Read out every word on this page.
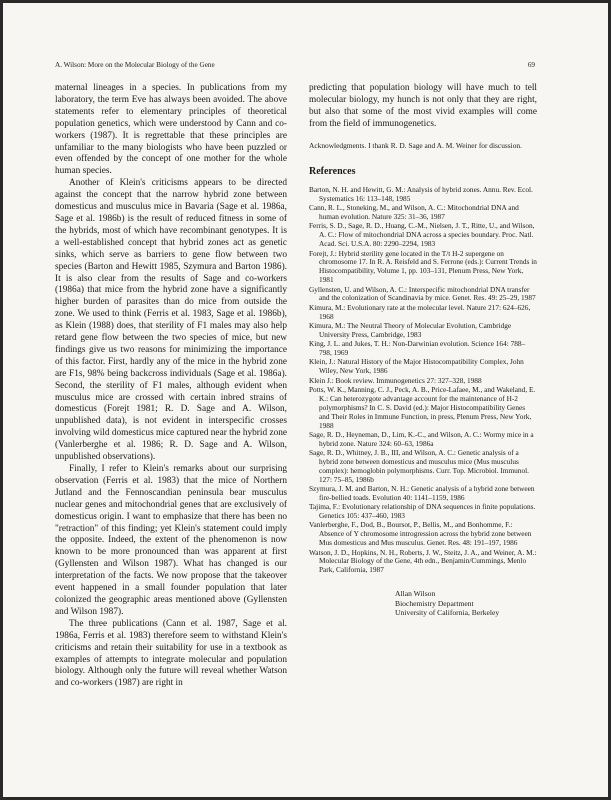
A. Wilson: More on the Molecular Biology of the Gene	69

maternal lineages in a species. In publications from my laboratory, the term Eve has always been avoided. The above statements refer to elementary principles of theoretical population genetics, which were understood by Cann and co-workers (1987). It is regrettable that these principles are unfamiliar to the many biologists who have been puzzled or even offended by the concept of one mother for the whole human species.

Another of Klein's criticisms appears to be directed against the concept that the narrow hybrid zone between domesticus and musculus mice in Bavaria (Sage et al. 1986a, Sage et al. 1986b) is the result of reduced fitness in some of the hybrids, most of which have recombinant genotypes. It is a well-established concept that hybrid zones act as genetic sinks, which serve as barriers to gene flow between two species (Barton and Hewitt 1985, Szymura and Barton 1986). It is also clear from the results of Sage and co-workers (1986a) that mice from the hybrid zone have a significantly higher burden of parasites than do mice from outside the zone. We used to think (Ferris et al. 1983, Sage et al. 1986b), as Klein (1988) does, that sterility of F1 males may also help retard gene flow between the two species of mice, but new findings give us two reasons for minimizing the importance of this factor. First, hardly any of the mice in the hybrid zone are F1s, 98% being backcross individuals (Sage et al. 1986a). Second, the sterility of F1 males, although evident when musculus mice are crossed with certain inbred strains of domesticus (Forejt 1981; R. D. Sage and A. Wilson, unpublished data), is not evident in interspecific crosses involving wild domesticus mice captured near the hybrid zone (Vanlerberghe et al. 1986; R. D. Sage and A. Wilson, unpublished observations).

Finally, I refer to Klein's remarks about our surprising observation (Ferris et al. 1983) that the mice of Northern Jutland and the Fennoscandian peninsula bear musculus nuclear genes and mitochondrial genes that are exclusively of domesticus origin. I want to emphasize that there has been no "retraction" of this finding; yet Klein's statement could imply the opposite. Indeed, the extent of the phenomenon is now known to be more pronounced than was apparent at first (Gyllensten and Wilson 1987). What has changed is our interpretation of the facts. We now propose that the takeover event happened in a small founder population that later colonized the geographic areas mentioned above (Gyllensten and Wilson 1987).

The three publications (Cann et al. 1987, Sage et al. 1986a, Ferris et al. 1983) therefore seem to withstand Klein's criticisms and retain their suitability for use in a textbook as examples of attempts to integrate molecular and population biology. Although only the future will reveal whether Watson and co-workers (1987) are right in

predicting that population biology will have much to tell molecular biology, my hunch is not only that they are right, but also that some of the most vivid examples will come from the field of immunogenetics.

Acknowledgments. I thank R. D. Sage and A. M. Weiner for discussion.

References

Barton, N. H. and Hewitt, G. M.: Analysis of hybrid zones. Annu. Rev. Ecol. Systematics 16: 113–148, 1985

Cann, R. L., Stoneking, M., and Wilson, A. C.: Mitochondrial DNA and human evolution. Nature 325: 31–36, 1987

Ferris, S. D., Sage, R. D., Huang, C.-M., Nielsen, J. T., Ritte, U., and Wilson, A. C.: Flow of mitochondrial DNA across a species boundary. Proc. Natl. Acad. Sci. U.S.A. 80: 2290–2294, 1983

Forejt, J.: Hybrid sterility gene located in the T/t H-2 supergene on chromosome 17. In R. A. Reisfeld and S. Ferrone (eds.): Current Trends in Histocompatibility, Volume 1, pp. 103–131, Plenum Press, New York, 1981

Gyllensten, U. and Wilson, A. C.: Interspecific mitochondrial DNA transfer and the colonization of Scandinavia by mice. Genet. Res. 49: 25–29, 1987

Kimura, M.: Evolutionary rate at the molecular level. Nature 217: 624–626, 1968

Kimura, M.: The Neutral Theory of Molecular Evolution, Cambridge University Press, Cambridge, 1983

King, J. L. and Jukes, T. H.: Non-Darwinian evolution. Science 164: 788–798, 1969

Klein, J.: Natural History of the Major Histocompatibility Complex, John Wiley, New York, 1986

Klein J.: Book review. Immunogenetics 27: 327–328, 1988

Potts, W. K., Manning, C. J., Peck, A. B., Price-Lafaee, M., and Wakeland, E. K.: Can heterozygote advantage account for the maintenance of H-2 polymorphisms? In C. S. David (ed.): Major Histocompatibility Genes and Their Roles in Immune Function, in press, Plenum Press, New York, 1988

Sage, R. D., Heyneman, D., Lim, K.-C., and Wilson, A. C.: Wormy mice in a hybrid zone. Nature 324: 60–63, 1986a

Sage, R. D., Whitney, J. B., III, and Wilson, A. C.: Genetic analysis of a hybrid zone between domesticus and musculus mice (Mus musculus complex): hemoglobin polymorphisms. Curr. Top. Microbiol. Immunol. 127: 75–85, 1986b

Szymura, J. M. and Barton, N. H.: Genetic analysis of a hybrid zone between fire-bellied toads. Evolution 40: 1141–1159, 1986

Tajima, F.: Evolutionary relationship of DNA sequences in finite populations. Genetics 105: 437–460, 1983

Vanlerberghe, F., Dod, B., Boursot, P., Bellis, M., and Bonhomme, F.: Absence of Y chromosome introgression across the hybrid zone between Mus domesticus and Mus musculus. Genet. Res. 48: 191–197, 1986

Watson, J. D., Hopkins, N. H., Roberts, J. W., Steitz, J. A., and Weiner, A. M.: Molecular Biology of the Gene, 4th edn., Benjamin/Cummings, Menlo Park, California, 1987

Allan Wilson
Biochemistry Department
University of California, Berkeley
